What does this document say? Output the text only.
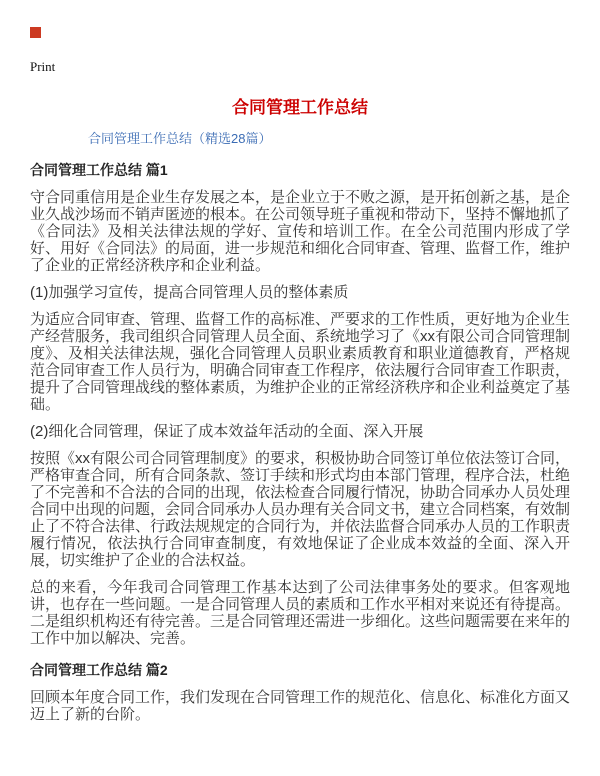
Print
合同管理工作总结
合同管理工作总结（精选28篇）
合同管理工作总结 篇1

守合同重信用是企业生存发展之本，是企业立于不败之源，是开拓创新之基，是企业久战沙场而不销声匿迹的根本。在公司领导班子重视和带动下，坚持不懈地抓了《合同法》及相关法律法规的学好、宣传和培训工作。在全公司范围内形成了学好、用好《合同法》的局面，进一步规范和细化合同审查、管理、监督工作，维护了企业的正常经济秩序和企业利益。

(1)加强学习宣传，提高合同管理人员的整体素质

为适应合同审查、管理、监督工作的高标准、严要求的工作性质，更好地为企业生产经营服务，我司组织合同管理人员全面、系统地学习了《xx有限公司合同管理制度》、及相关法律法规，强化合同管理人员职业素质教育和职业道德教育，严格规范合同审查工作人员行为，明确合同审查工作程序，依法履行合同审查工作职责，提升了合同管理战线的整体素质，为维护企业的正常经济秩序和企业利益奠定了基础。

(2)细化合同管理，保证了成本效益年活动的全面、深入开展

按照《xx有限公司合同管理制度》的要求，积极协助合同签订单位依法签订合同，严格审查合同，所有合同条款、签订手续和形式均由本部门管理，程序合法，杜绝了不完善和不合法的合同的出现，依法检查合同履行情况，协助合同承办人员处理合同中出现的问题，会同合同承办人员办理有关合同文书，建立合同档案，有效制止了不符合法律、行政法规规定的合同行为，并依法监督合同承办人员的工作职责履行情况，依法执行合同审查制度，有效地保证了企业成本效益的全面、深入开展，切实维护了企业的合法权益。

总的来看，今年我司合同管理工作基本达到了公司法律事务处的要求。但客观地讲，也存在一些问题。一是合同管理人员的素质和工作水平相对来说还有待提高。二是组织机构还有待完善。三是合同管理还需进一步细化。这些问题需要在来年的工作中加以解决、完善。

合同管理工作总结 篇2

回顾本年度合同工作，我们发现在合同管理工作的规范化、信息化、标准化方面又迈上了新的台阶。
